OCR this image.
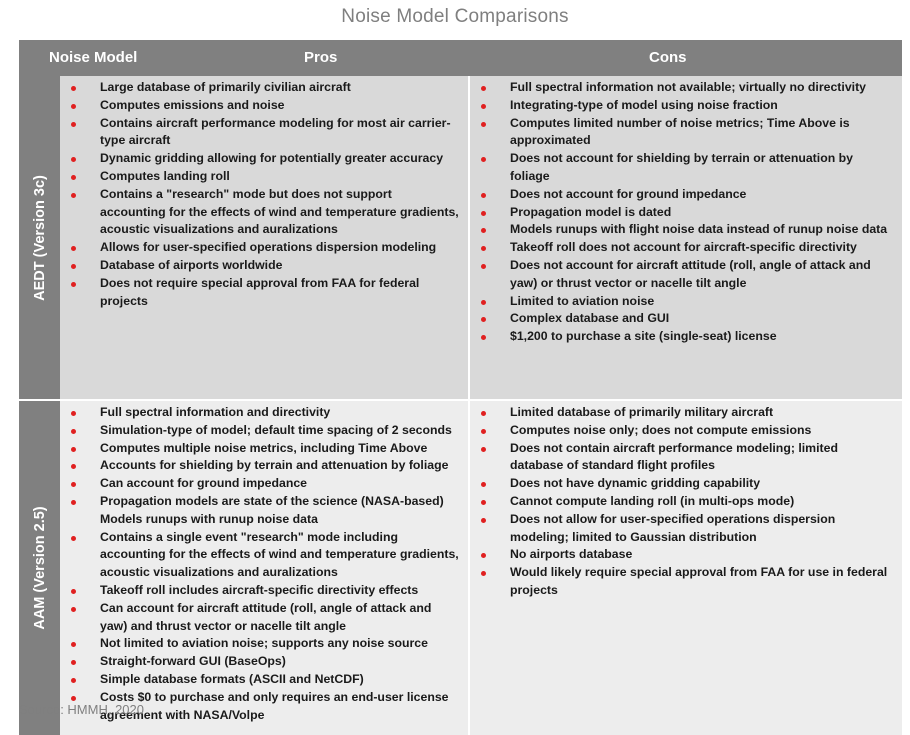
Noise Model Comparisons
Noise Model	Pros	Cons
AEDT (Version 3c)
Large database of primarily civilian aircraft
Computes emissions and noise
Contains aircraft performance modeling for most air carrier-type aircraft
Dynamic gridding allowing for potentially greater accuracy
Computes landing roll
Contains a "research" mode but does not support accounting for the effects of wind and temperature gradients, acoustic visualizations and auralizations
Allows for user-specified operations dispersion modeling
Database of airports worldwide
Does not require special approval from FAA for federal projects
Full spectral information not available; virtually no directivity
Integrating-type of model using noise fraction
Computes limited number of noise metrics; Time Above is approximated
Does not account for shielding by terrain or attenuation by foliage
Does not account for ground impedance
Propagation model is dated
Models runups with flight noise data instead of runup noise data
Takeoff roll does not account for aircraft-specific directivity
Does not account for aircraft attitude (roll, angle of attack and yaw) or thrust vector or nacelle tilt angle
Limited to aviation noise
Complex database and GUI
$1,200 to purchase a site (single-seat) license
AAM (Version 2.5)
Full spectral information and directivity
Simulation-type of model; default time spacing of 2 seconds
Computes multiple noise metrics, including Time Above
Accounts for shielding by terrain and attenuation by foliage
Can account for ground impedance
Propagation models are state of the science (NASA-based) Models runups with runup noise data
Contains a single event "research" mode including accounting for the effects of wind and temperature gradients, acoustic visualizations and auralizations
Takeoff roll includes aircraft-specific directivity effects
Can account for aircraft attitude (roll, angle of attack and yaw) and thrust vector or nacelle tilt angle
Not limited to aviation noise; supports any noise source
Straight-forward GUI (BaseOps)
Simple database formats (ASCII and NetCDF)
Costs $0 to purchase and only requires an end-user license agreement with NASA/Volpe
Limited database of primarily military aircraft
Computes noise only; does not compute emissions
Does not contain aircraft performance modeling; limited database of standard flight profiles
Does not have dynamic gridding capability
Cannot compute landing roll (in multi-ops mode)
Does not allow for user-specified operations dispersion modeling; limited to Gaussian distribution
No airports database
Would likely require special approval from FAA for use in federal projects
Source: HMMH, 2020
